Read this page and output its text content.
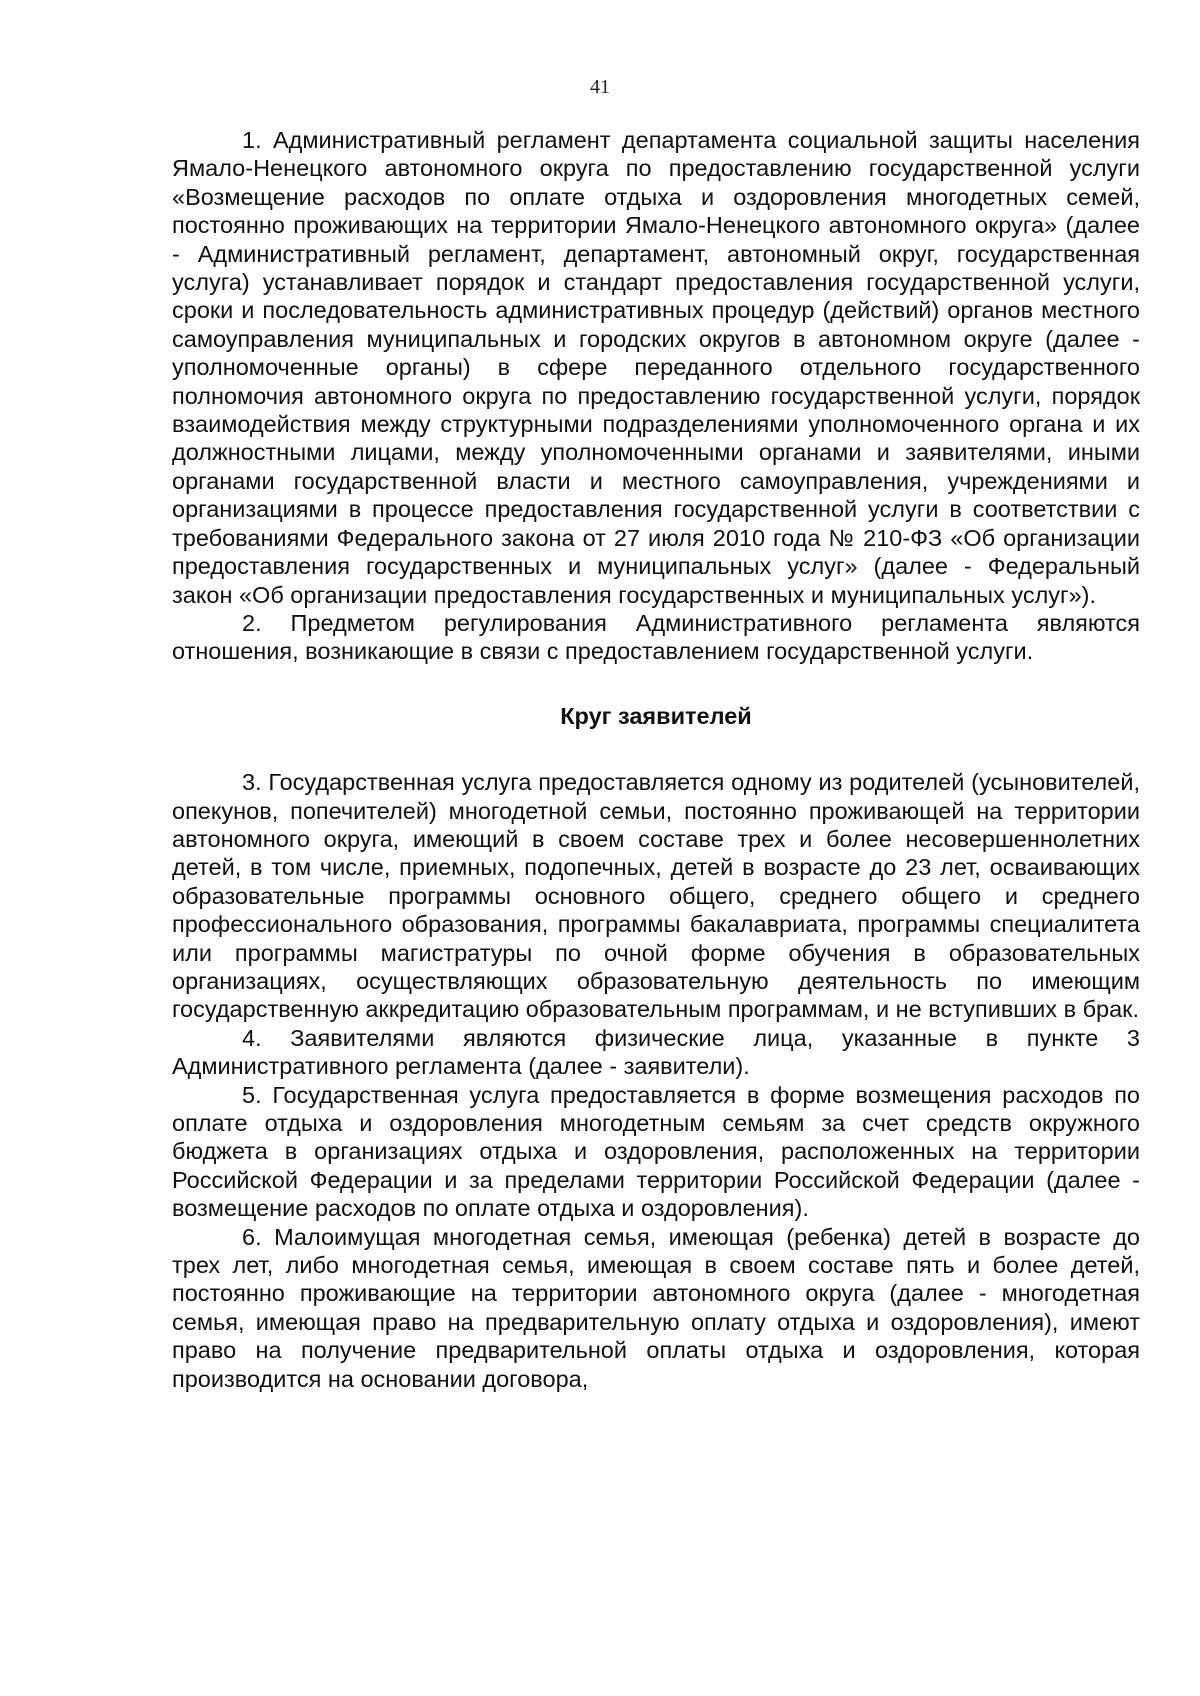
41

1. Административный регламент департамента социальной защиты населения Ямало-Ненецкого автономного округа по предоставлению государственной услуги «Возмещение расходов по оплате отдыха и оздоровления многодетных семей, постоянно проживающих на территории Ямало-Ненецкого автономного округа» (далее - Административный регламент, департамент, автономный округ, государственная услуга) устанавливает порядок и стандарт предоставления государственной услуги, сроки и последовательность административных процедур (действий) органов местного самоуправления муниципальных и городских округов в автономном округе (далее - уполномоченные органы) в сфере переданного отдельного государственного полномочия автономного округа по предоставлению государственной услуги, порядок взаимодействия между структурными подразделениями уполномоченного органа и их должностными лицами, между уполномоченными органами и заявителями, иными органами государственной власти и местного самоуправления, учреждениями и организациями в процессе предоставления государственной услуги в соответствии с требованиями Федерального закона от 27 июля 2010 года № 210-ФЗ «Об организации предоставления государственных и муниципальных услуг» (далее - Федеральный закон «Об организации предоставления государственных и муниципальных услуг»).

2. Предметом регулирования Административного регламента являются отношения, возникающие в связи с предоставлением государственной услуги.

Круг заявителей

3. Государственная услуга предоставляется одному из родителей (усыновителей, опекунов, попечителей) многодетной семьи, постоянно проживающей на территории автономного округа, имеющий в своем составе трех и более несовершеннолетних детей, в том числе, приемных, подопечных, детей в возрасте до 23 лет, осваивающих образовательные программы основного общего, среднего общего и среднего профессионального образования, программы бакалавриата, программы специалитета или программы магистратуры по очной форме обучения в образовательных организациях, осуществляющих образовательную деятельность по имеющим государственную аккредитацию образовательным программам, и не вступивших в брак.

4. Заявителями являются физические лица, указанные в пункте 3 Административного регламента (далее - заявители).

5. Государственная услуга предоставляется в форме возмещения расходов по оплате отдыха и оздоровления многодетным семьям за счет средств окружного бюджета в организациях отдыха и оздоровления, расположенных на территории Российской Федерации и за пределами территории Российской Федерации (далее - возмещение расходов по оплате отдыха и оздоровления).

6. Малоимущая многодетная семья, имеющая (ребенка) детей в возрасте до трех лет, либо многодетная семья, имеющая в своем составе пять и более детей, постоянно проживающие на территории автономного округа (далее - многодетная семья, имеющая право на предварительную оплату отдыха и оздоровления), имеют право на получение предварительной оплаты отдыха и оздоровления, которая производится на основании договора,
